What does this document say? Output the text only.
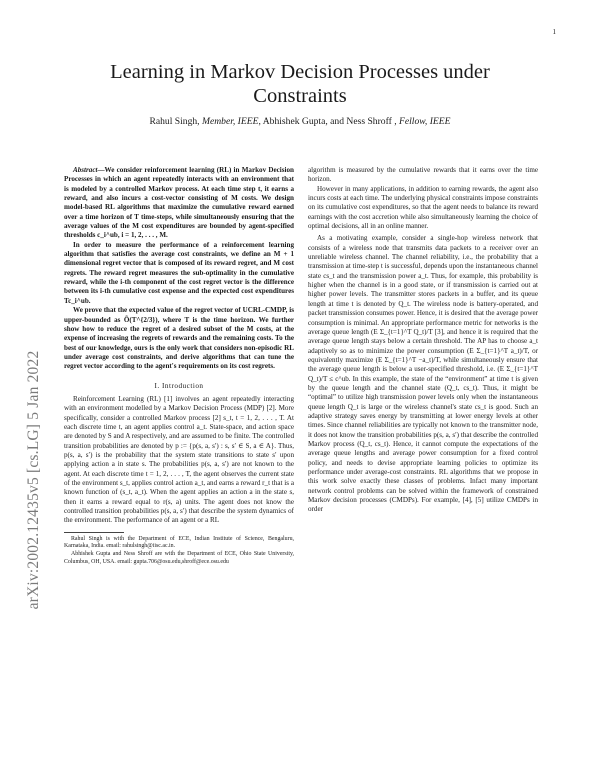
1
arXiv:2002.12435v5 [cs.LG] 5 Jan 2022
Learning in Markov Decision Processes under Constraints
Rahul Singh, Member, IEEE, Abhishek Gupta, and Ness Shroff , Fellow, IEEE

Abstract—We consider reinforcement learning (RL) in Markov Decision Processes in which an agent repeatedly interacts with an environment that is modeled by a controlled Markov process. At each time step t, it earns a reward, and also incurs a cost-vector consisting of M costs. We design model-based RL algorithms that maximize the cumulative reward earned over a time horizon of T time-steps, while simultaneously ensuring that the average values of the M cost expenditures are bounded by agent-specified thresholds c_i^ub, i = 1, 2, . . . , M.

In order to measure the performance of a reinforcement learning algorithm that satisfies the average cost constraints, we define an M + 1 dimensional regret vector that is composed of its reward regret, and M cost regrets. The reward regret measures the sub-optimality in the cumulative reward, while the i-th component of the cost regret vector is the difference between its i-th cumulative cost expense and the expected cost expenditures Tc_i^ub.

We prove that the expected value of the regret vector of UCRL-CMDP, is upper-bounded as Õ(T^{2/3}), where T is the time horizon. We further show how to reduce the regret of a desired subset of the M costs, at the expense of increasing the regrets of rewards and the remaining costs. To the best of our knowledge, ours is the only work that considers non-episodic RL under average cost constraints, and derive algorithms that can tune the regret vector according to the agent's requirements on its cost regrets.

I. Introduction

Reinforcement Learning (RL) [1] involves an agent repeatedly interacting with an environment modelled by a Markov Decision Process (MDP) [2]. More specifically, consider a controlled Markov process [2] s_t, t = 1, 2, . . . , T. At each discrete time t, an agent applies control a_t. State-space, and action space are denoted by S and A respectively, and are assumed to be finite. The controlled transition probabilities are denoted by p := {p(s, a, s′) : s, s′ ∈ S, a ∈ A}. Thus, p(s, a, s′) is the probability that the system state transitions to state s′ upon applying action a in state s. The probabilities p(s, a, s′) are not known to the agent. At each discrete time t = 1, 2, . . . , T, the agent observes the current state of the environment s_t, applies control action a_t, and earns a reward r_t that is a known function of (s_t, a_t). When the agent applies an action a in the state s, then it earns a reward equal to r(s, a) units. The agent does not know the controlled transition probabilities p(s, a, s′) that describe the system dynamics of the environment. The performance of an agent or a RL

Rahul Singh is with the Department of ECE, Indian Institute of Science, Bengaluru, Karnataka, India. email: rahulsingh@iisc.ac.in.

Abhishek Gupta and Ness Shroff are with the Department of ECE, Ohio State University, Columbus, OH, USA. email: gupta.706@osu.edu,shroff@ece.osu.edu

algorithm is measured by the cumulative rewards that it earns over the time horizon.

However in many applications, in addition to earning rewards, the agent also incurs costs at each time. The underlying physical constraints impose constraints on its cumulative cost expenditures, so that the agent needs to balance its reward earnings with the cost accretion while also simultaneously learning the choice of optimal decisions, all in an online manner.

As a motivating example, consider a single-hop wireless network that consists of a wireless node that transmits data packets to a receiver over an unreliable wireless channel. The channel reliability, i.e., the probability that a transmission at time-step t is successful, depends upon the instantaneous channel state cs_t and the transmission power a_t. Thus, for example, this probability is higher when the channel is in a good state, or if transmission is carried out at higher power levels. The transmitter stores packets in a buffer, and its queue length at time t is denoted by Q_t. The wireless node is battery-operated, and packet transmission consumes power. Hence, it is desired that the average power consumption is minimal. An appropriate performance metric for networks is the average queue length (E Σ_{t=1}^T Q_t)/T [3], and hence it is required that the average queue length stays below a certain threshold. The AP has to choose a_t adaptively so as to minimize the power consumption (E Σ_{t=1}^T a_t)/T, or equivalently maximize (E Σ_{t=1}^T −a_t)/T, while simultaneously ensure that the average queue length is below a user-specified threshold, i.e. (E Σ_{t=1}^T Q_t)/T ≤ c^ub. In this example, the state of the “environment” at time t is given by the queue length and the channel state (Q_t, cs_t). Thus, it might be “optimal” to utilize high transmission power levels only when the instantaneous queue length Q_t is large or the wireless channel's state cs_t is good. Such an adaptive strategy saves energy by transmitting at lower energy levels at other times. Since channel reliabilities are typically not known to the transmitter node, it does not know the transition probabilities p(s, a, s′) that describe the controlled Markov process (Q_t, cs_t). Hence, it cannot compute the expectations of the average queue lengths and average power consumption for a fixed control policy, and needs to devise appropriate learning policies to optimize its performance under average-cost constraints. RL algorithms that we propose in this work solve exactly these classes of problems. Infact many important network control problems can be solved within the framework of constrained Markov decision processes (CMDPs). For example, [4], [5] utilize CMDPs in order
